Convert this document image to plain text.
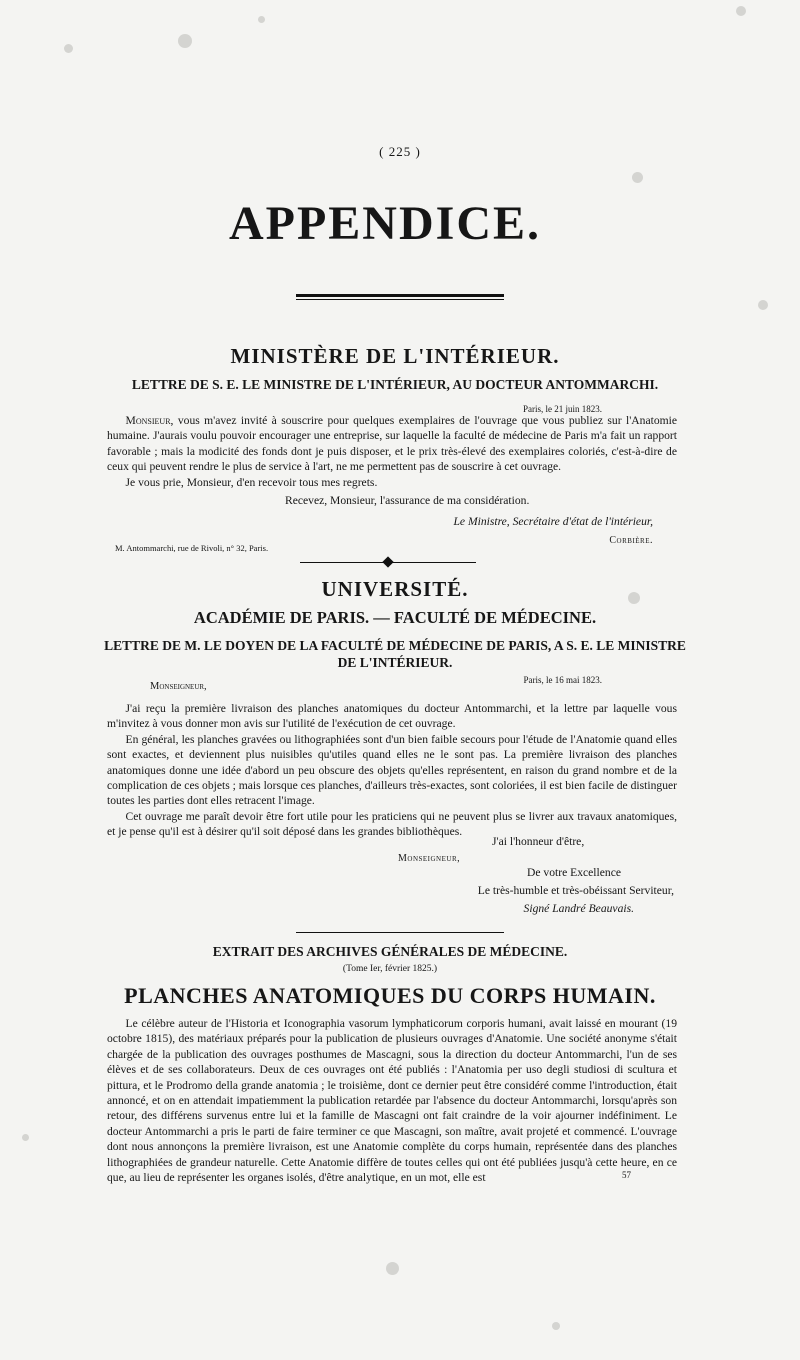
( 225 )
APPENDICE.
MINISTÈRE DE L'INTÉRIEUR.
LETTRE DE S. E. LE MINISTRE DE L'INTÉRIEUR, AU DOCTEUR ANTOMMARCHI.
Paris, le 21 juin 1823.
Monsieur, vous m'avez invité à souscrire pour quelques exemplaires de l'ouvrage que vous publiez sur l'Anatomie humaine. J'aurais voulu pouvoir encourager une entreprise, sur laquelle la faculté de médecine de Paris m'a fait un rapport favorable ; mais la modicité des fonds dont je puis disposer, et le prix très-élevé des exemplaires coloriés, c'est-à-dire de ceux qui peuvent rendre le plus de service à l'art, ne me permettent pas de souscrire à cet ouvrage.
Je vous prie, Monsieur, d'en recevoir tous mes regrets.
Recevez, Monsieur, l'assurance de ma considération.
Le Ministre, Secrétaire d'état de l'intérieur,
Corbière.
M. Antommarchi, rue de Rivoli, n° 32, Paris.
UNIVERSITÉ.
ACADÉMIE DE PARIS. — FACULTÉ DE MÉDECINE.
LETTRE DE M. LE DOYEN DE LA FACULTÉ DE MÉDECINE DE PARIS, A S. E. LE MINISTRE DE L'INTÉRIEUR.
Paris, le 16 mai 1823.
Monseigneur,
J'ai reçu la première livraison des planches anatomiques du docteur Antommarchi, et la lettre par laquelle vous m'invitez à vous donner mon avis sur l'utilité de l'exécution de cet ouvrage.
En général, les planches gravées ou lithographiées sont d'un bien faible secours pour l'étude de l'Anatomie quand elles sont exactes, et deviennent plus nuisibles qu'utiles quand elles ne le sont pas. La première livraison des planches anatomiques donne une idée d'abord un peu obscure des objets qu'elles représentent, en raison du grand nombre et de la complication de ces objets ; mais lorsque ces planches, d'ailleurs très-exactes, sont coloriées, il est bien facile de distinguer toutes les parties dont elles retracent l'image.
Cet ouvrage me paraît devoir être fort utile pour les praticiens qui ne peuvent plus se livrer aux travaux anatomiques, et je pense qu'il est à désirer qu'il soit déposé dans les grandes bibliothèques.
J'ai l'honneur d'être,
Monseigneur,
De votre Excellence
Le très-humble et très-obéissant Serviteur,
Signé Landré Beauvais.
EXTRAIT DES ARCHIVES GÉNÉRALES DE MÉDECINE.
(Tome Ier, février 1825.)
PLANCHES ANATOMIQUES DU CORPS HUMAIN.
Le célèbre auteur de l'Historia et Iconographia vasorum lymphaticorum corporis humani, avait laissé en mourant (19 octobre 1815), des matériaux préparés pour la publication de plusieurs ouvrages d'Anatomie. Une société anonyme s'était chargée de la publication des ouvrages posthumes de Mascagni, sous la direction du docteur Antommarchi, l'un de ses élèves et de ses collaborateurs. Deux de ces ouvrages ont été publiés : l'Anatomia per uso degli studiosi di scultura et pittura, et le Prodromo della grande anatomia ; le troisième, dont ce dernier peut être considéré comme l'introduction, était annoncé, et on en attendait impatiemment la publication retardée par l'absence du docteur Antommarchi, lorsqu'après son retour, des différens survenus entre lui et la famille de Mascagni ont fait craindre de la voir ajourner indéfiniment. Le docteur Antommarchi a pris le parti de faire terminer ce que Mascagni, son maître, avait projeté et commencé. L'ouvrage dont nous annonçons la première livraison, est une Anatomie complète du corps humain, représentée dans des planches lithographiées de grandeur naturelle. Cette Anatomie diffère de toutes celles qui ont été publiées jusqu'à cette heure, en ce que, au lieu de représenter les organes isolés, d'être analytique, en un mot, elle est	57
